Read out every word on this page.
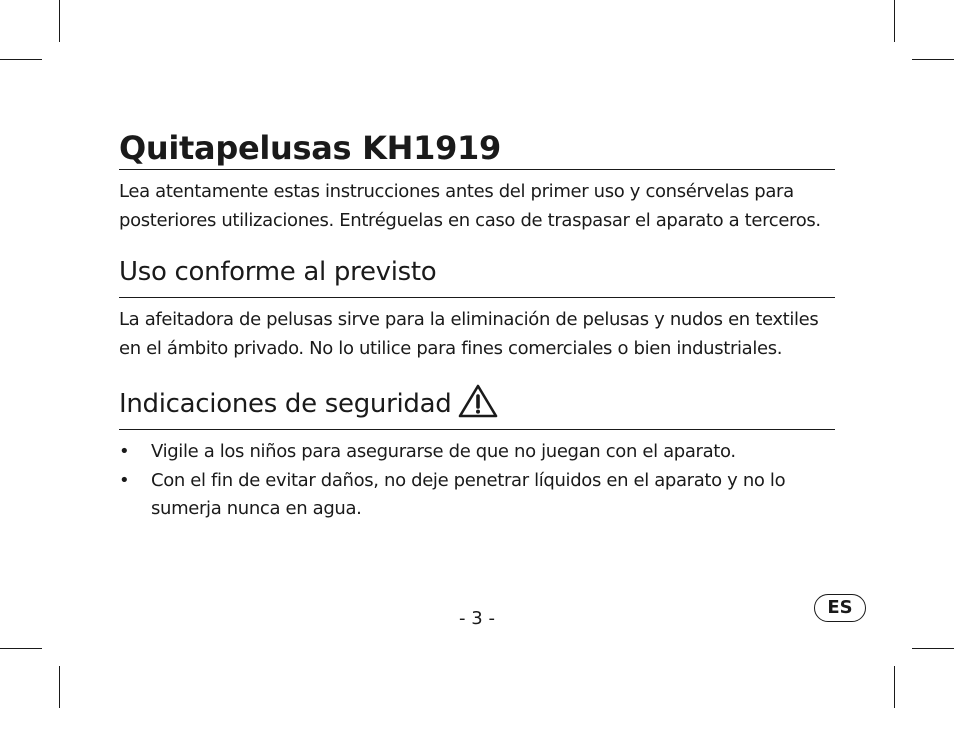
Quitapelusas KH1919

Lea atentamente estas instrucciones antes del primer uso y consérvelas para posteriores utilizaciones. Entréguelas en caso de traspasar el aparato a terceros.

Uso conforme al previsto

La afeitadora de pelusas sirve para la eliminación de pelusas y nudos en textiles en el ámbito privado. No lo utilice para fines comerciales o bien industriales.

Indicaciones de seguridad
• Vigile a los niños para asegurarse de que no juegan con el aparato.
• Con el fin de evitar daños, no deje penetrar líquidos en el aparato y no lo sumerja nunca en agua.
- 3 -
ES
